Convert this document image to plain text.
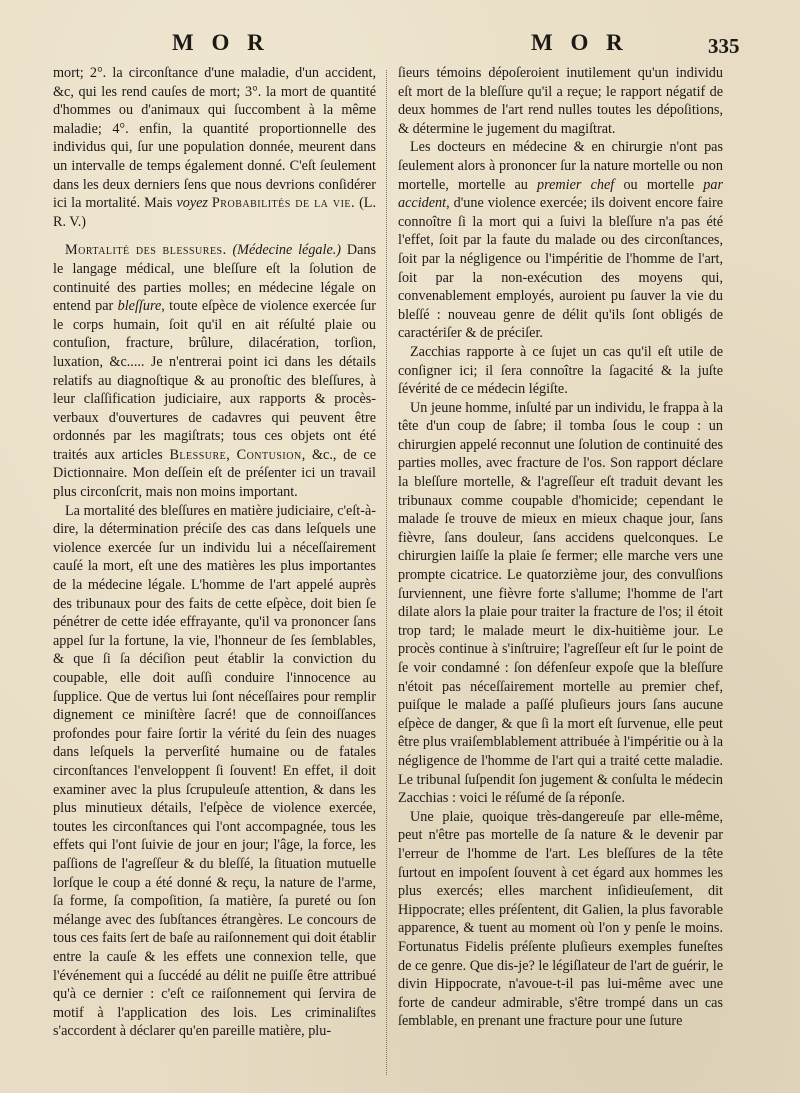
M O R	M O R	335

mort; 2°. la circonſtance d'une maladie, d'un accident, &c, qui les rend cauſes de mort; 3°. la mort de quantité d'hommes ou d'animaux qui ſuccombent à la même maladie; 4°. enfin, la quantité proportionnelle des individus qui, ſur une population donnée, meurent dans un intervalle de temps également donné. C'eſt ſeulement dans les deux derniers ſens que nous devrions conſidérer ici la mortalité. Mais voyez Probabilités de la vie. (L. R. V.)

Mortalité des blessures. (Médecine légale.) Dans le langage médical, une bleſſure eſt la ſolution de continuité des parties molles; en médecine légale on entend par bleſſure, toute eſpèce de violence exercée ſur le corps humain, ſoit qu'il en ait réſulté plaie ou contuſion, fracture, brûlure, dilacération, torſion, luxation, &c..... Je n'entrerai point ici dans les détails relatifs au diagnoſtique & au pronoſtic des bleſſures, à leur claſſification judiciaire, aux rapports & procès-verbaux d'ouvertures de cadavres qui peuvent être ordonnés par les magiſtrats; tous ces objets ont été traités aux articles Blessure, Contusion, &c., de ce Dictionnaire. Mon deſſein eſt de préſenter ici un travail plus circonſcrit, mais non moins important.

La mortalité des bleſſures en matière judiciaire, c'eſt-à-dire, la détermination préciſe des cas dans leſquels une violence exercée ſur un individu lui a néceſſairement cauſé la mort, eſt une des matières les plus importantes de la médecine légale. L'homme de l'art appelé auprès des tribunaux pour des faits de cette eſpèce, doit bien ſe pénétrer de cette idée effrayante, qu'il va prononcer ſans appel ſur la fortune, la vie, l'honneur de ſes ſemblables, & que ſi ſa déciſion peut établir la conviction du coupable, elle doit auſſi conduire l'innocence au ſupplice. Que de vertus lui ſont néceſſaires pour remplir dignement ce miniſtère ſacré! que de connoiſſances profondes pour faire ſortir la vérité du ſein des nuages dans leſquels la perverſité humaine ou de fatales circonſtances l'enveloppent ſi ſouvent! En effet, il doit examiner avec la plus ſcrupuleuſe attention, & dans les plus minutieux détails, l'eſpèce de violence exercée, toutes les circonſtances qui l'ont accompagnée, tous les effets qui l'ont ſuivie de jour en jour; l'âge, la force, les paſſions de l'agreſſeur & du bleſſé, la ſituation mutuelle lorſque le coup a été donné & reçu, la nature de l'arme, ſa forme, ſa compoſition, ſa matière, ſa pureté ou ſon mélange avec des ſubſtances étrangères. Le concours de tous ces faits ſert de baſe au raiſonnement qui doit établir entre la cauſe & les effets une connexion telle, que l'événement qui a ſuccédé au délit ne puiſſe être attribué qu'à ce dernier : c'eſt ce raiſonnement qui ſervira de motif à l'application des lois. Les criminaliſtes s'accordent à déclarer qu'en pareille matière, plu-

ſieurs témoins dépoſeroient inutilement qu'un individu eſt mort de la bleſſure qu'il a reçue; le rapport négatif de deux hommes de l'art rend nulles toutes les dépoſitions, & détermine le jugement du magiſtrat.

Les docteurs en médecine & en chirurgie n'ont pas ſeulement alors à prononcer ſur la nature mortelle ou non mortelle, mortelle au premier chef ou mortelle par accident, d'une violence exercée; ils doivent encore faire connoître ſi la mort qui a ſuivi la bleſſure n'a pas été l'effet, ſoit par la faute du malade ou des circonſtances, ſoit par la négligence ou l'impéritie de l'homme de l'art, ſoit par la non-exécution des moyens qui, convenablement employés, auroient pu ſauver la vie du bleſſé : nouveau genre de délit qu'ils ſont obligés de caractériſer & de préciſer.

Zacchias rapporte à ce ſujet un cas qu'il eſt utile de conſigner ici; il ſera connoître la ſagacité & la juſte ſévérité de ce médecin légiſte.

Un jeune homme, inſulté par un individu, le frappa à la tête d'un coup de ſabre; il tomba ſous le coup : un chirurgien appelé reconnut une ſolution de continuité des parties molles, avec fracture de l'os. Son rapport déclare la bleſſure mortelle, & l'agreſſeur eſt traduit devant les tribunaux comme coupable d'homicide; cependant le malade ſe trouve de mieux en mieux chaque jour, ſans fièvre, ſans douleur, ſans accidens quelconques. Le chirurgien laiſſe la plaie ſe fermer; elle marche vers une prompte cicatrice. Le quatorzième jour, des convulſions ſurviennent, une fièvre forte s'allume; l'homme de l'art dilate alors la plaie pour traiter la fracture de l'os; il étoit trop tard; le malade meurt le dix-huitième jour. Le procès continue à s'inſtruire; l'agreſſeur eſt ſur le point de ſe voir condamné : ſon défenſeur expoſe que la bleſſure n'étoit pas néceſſairement mortelle au premier chef, puiſque le malade a paſſé pluſieurs jours ſans aucune eſpèce de danger, & que ſi la mort eſt ſurvenue, elle peut être plus vraiſemblablement attribuée à l'impéritie ou à la négligence de l'homme de l'art qui a traité cette maladie. Le tribunal ſuſpendit ſon jugement & conſulta le médecin Zacchias : voici le réſumé de ſa réponſe.

Une plaie, quoique très-dangereuſe par elle-même, peut n'être pas mortelle de ſa nature & le devenir par l'erreur de l'homme de l'art. Les bleſſures de la tête ſurtout en impoſent ſouvent à cet égard aux hommes les plus exercés; elles marchent inſidieuſement, dit Hippocrate; elles préſentent, dit Galien, la plus favorable apparence, & tuent au moment où l'on y penſe le moins. Fortunatus Fidelis préſente pluſieurs exemples funeſtes de ce genre. Que dis-je? le légiſlateur de l'art de guérir, le divin Hippocrate, n'avoue-t-il pas lui-même avec une forte de candeur admirable, s'être trompé dans un cas ſemblable, en prenant une fracture pour une ſuture
